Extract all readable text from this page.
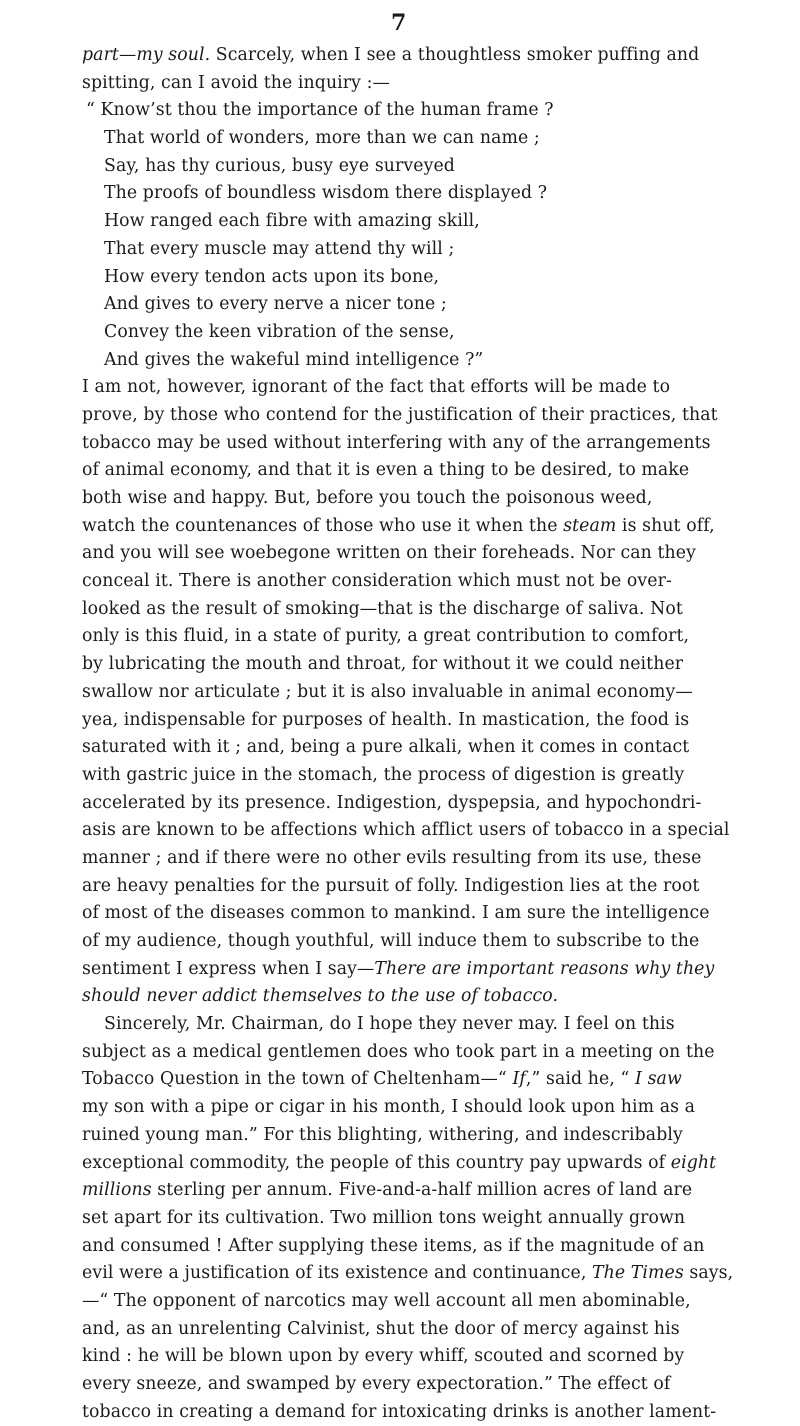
7
part—my soul. Scarcely, when I see a thoughtless smoker puffing and
spitting, can I avoid the inquiry :—
“ Know’st thou the importance of the human frame ?
That world of wonders, more than we can name ;
Say, has thy curious, busy eye surveyed
The proofs of boundless wisdom there displayed ?
How ranged each fibre with amazing skill,
That every muscle may attend thy will ;
How every tendon acts upon its bone,
And gives to every nerve a nicer tone ;
Convey the keen vibration of the sense,
And gives the wakeful mind intelligence ?”
I am not, however, ignorant of the fact that efforts will be made to
prove, by those who contend for the justification of their practices, that
tobacco may be used without interfering with any of the arrangements
of animal economy, and that it is even a thing to be desired, to make
both wise and happy. But, before you touch the poisonous weed,
watch the countenances of those who use it when the steam is shut off,
and you will see woebegone written on their foreheads. Nor can they
conceal it. There is another consideration which must not be over-
looked as the result of smoking—that is the discharge of saliva. Not
only is this fluid, in a state of purity, a great contribution to comfort,
by lubricating the mouth and throat, for without it we could neither
swallow nor articulate ; but it is also invaluable in animal economy—
yea, indispensable for purposes of health. In mastication, the food is
saturated with it ; and, being a pure alkali, when it comes in contact
with gastric juice in the stomach, the process of digestion is greatly
accelerated by its presence. Indigestion, dyspepsia, and hypochondri-
asis are known to be affections which afflict users of tobacco in a special
manner ; and if there were no other evils resulting from its use, these
are heavy penalties for the pursuit of folly. Indigestion lies at the root
of most of the diseases common to mankind. I am sure the intelligence
of my audience, though youthful, will induce them to subscribe to the
sentiment I express when I say—There are important reasons why they
should never addict themselves to the use of tobacco.
Sincerely, Mr. Chairman, do I hope they never may. I feel on this
subject as a medical gentlemen does who took part in a meeting on the
Tobacco Question in the town of Cheltenham—“ If,” said he, “ I saw
my son with a pipe or cigar in his month, I should look upon him as a
ruined young man.” For this blighting, withering, and indescribably
exceptional commodity, the people of this country pay upwards of eight
millions sterling per annum. Five-and-a-half million acres of land are
set apart for its cultivation. Two million tons weight annually grown
and consumed ! After supplying these items, as if the magnitude of an
evil were a justification of its existence and continuance, The Times says,
—“ The opponent of narcotics may well account all men abominable,
and, as an unrelenting Calvinist, shut the door of mercy against his
kind : he will be blown upon by every whiff, scouted and scorned by
every sneeze, and swamped by every expectoration.” The effect of
tobacco in creating a demand for intoxicating drinks is another lament-
